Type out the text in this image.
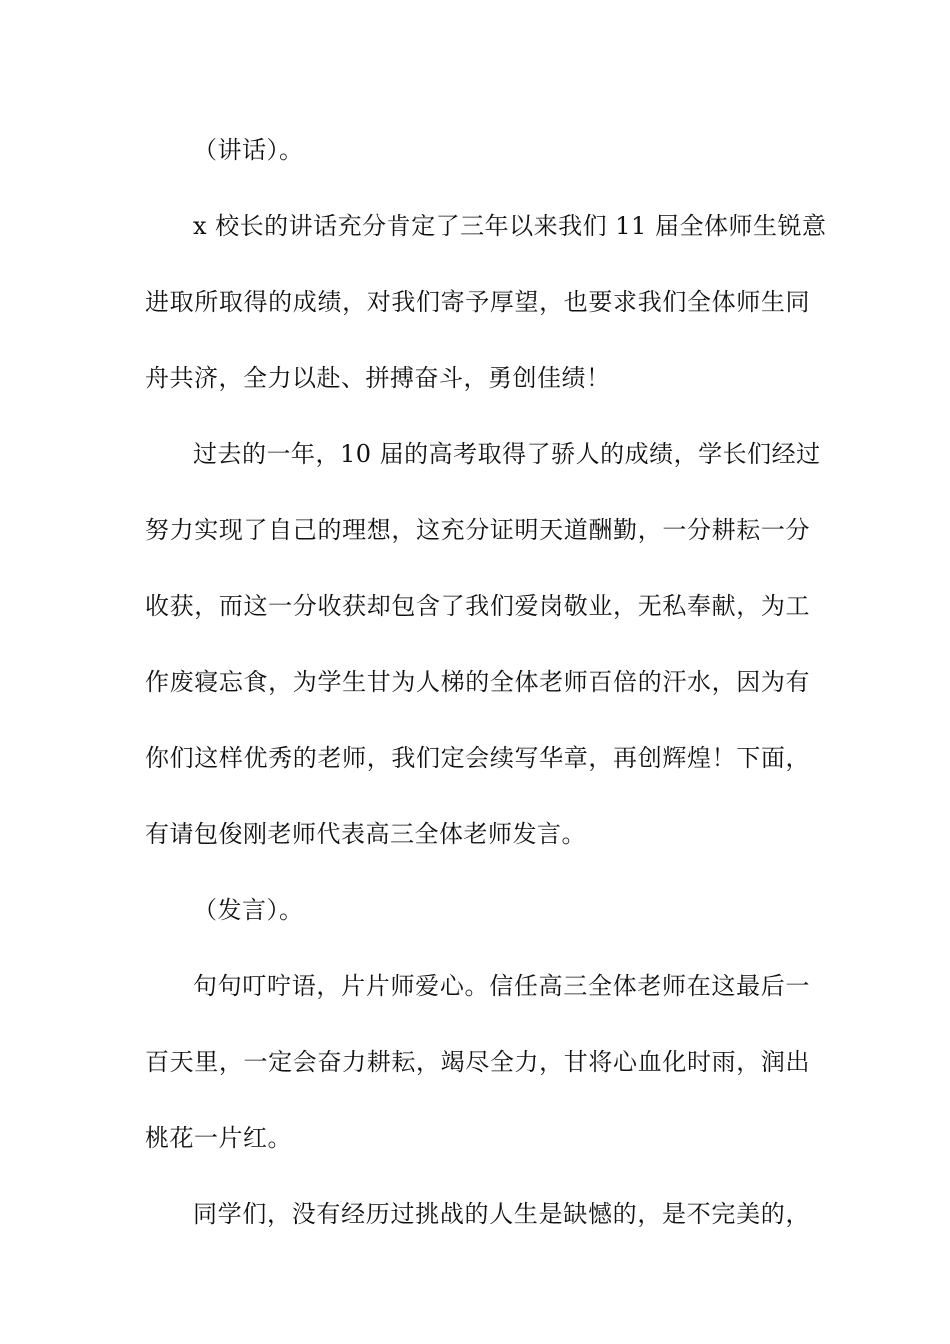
（讲话）。
x 校长的讲话充分肯定了三年以来我们 11 届全体师生锐意
进取所取得的成绩，对我们寄予厚望，也要求我们全体师生同
舟共济，全力以赴、拼搏奋斗，勇创佳绩！
过去的一年，10 届的高考取得了骄人的成绩，学长们经过
努力实现了自己的理想，这充分证明天道酬勤，一分耕耘一分
收获，而这一分收获却包含了我们爱岗敬业，无私奉献，为工
作废寝忘食，为学生甘为人梯的全体老师百倍的汗水，因为有
你们这样优秀的老师，我们定会续写华章，再创辉煌！下面，
有请包俊刚老师代表高三全体老师发言。
（发言）。
句句叮咛语，片片师爱心。信任高三全体老师在这最后一
百天里，一定会奋力耕耘，竭尽全力，甘将心血化时雨，润出
桃花一片红。
同学们，没有经历过挑战的人生是缺憾的，是不完美的，
